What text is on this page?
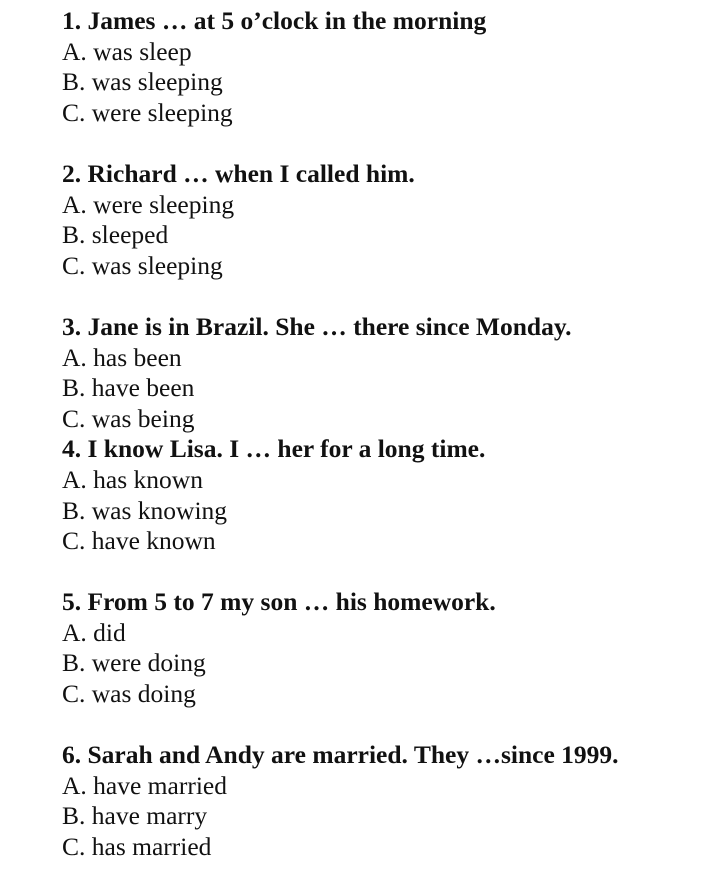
1. James … at 5 o’clock in the morning
A. was sleep
B. was sleeping
C. were sleeping
2. Richard … when I called him.
A. were sleeping
B. sleeped
C. was sleeping
3. Jane is in Brazil. She … there since Monday.
A. has been
B. have been
C. was being
4. I know Lisa. I … her for a long time.
A. has known
B. was knowing
C. have known
5. From 5 to 7 my son … his homework.
A. did
B. were doing
C. was doing
6. Sarah and Andy are married. They …since 1999.
A. have married
B. have marry
C. has married
